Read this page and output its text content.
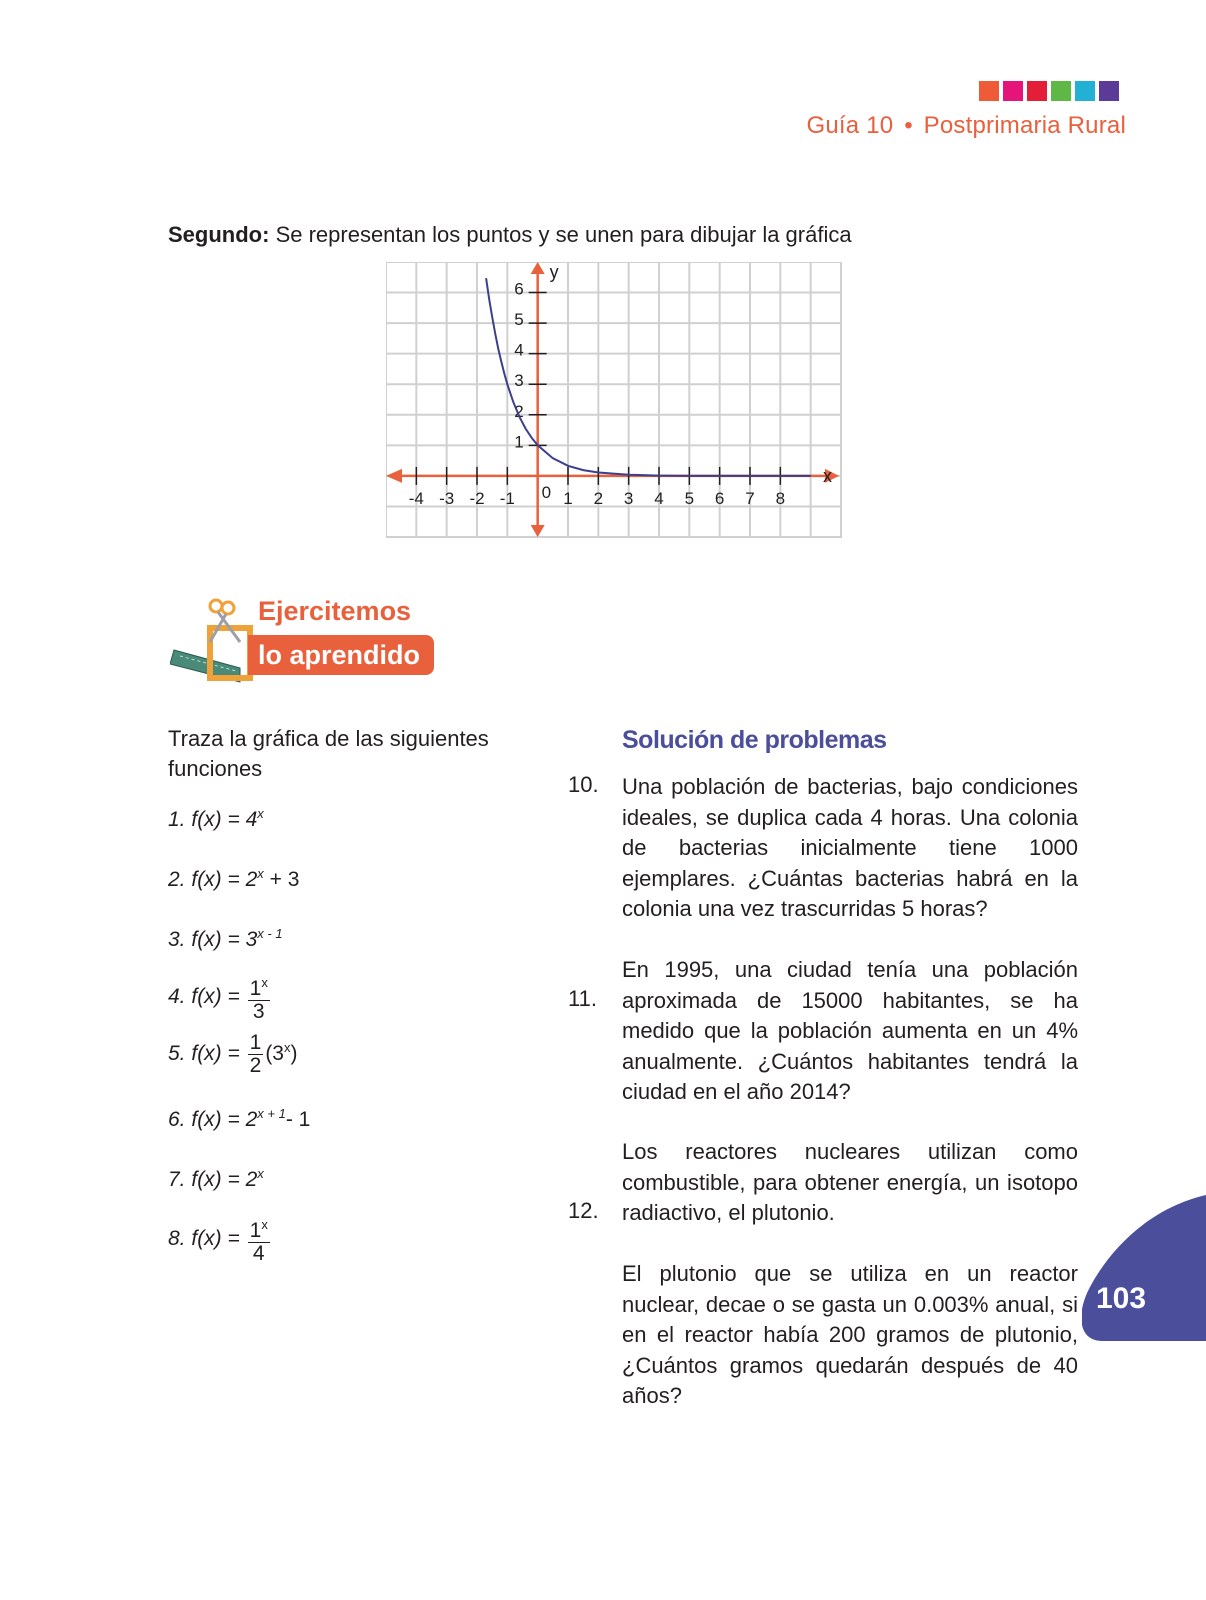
Guía 10 • Postprimaria Rural
Segundo: Se representan los puntos y se unen para dibujar la gráfica
-4 -3 -2 -1	1 2 3 4 5 6 7 8
1
2
3
4
5
6
0
x
y
Ejercitemos
lo aprendido
Traza la gráfica de las siguientes funciones
1. $f(x) = 4^x$
2. $f(x) = 2^x + 3$
3. $f(x) = 3^{x - 1}$
4. $f(x) = \frac{1^x}{3}$
5. $f(x) = \frac{1}{2} (3^x)$
6. $f(x) = 2^{x + 1}-$ 1
7. $f(x) = 2^x$
8. $f(x) = \frac{1^x}{4}$
Solución de problemas
10. Una población de bacterias, bajo condiciones ideales, se duplica cada 4 horas. Una colonia de bacterias inicialmente tiene 1000 ejemplares. ¿Cuántas bacterias habrá en la colonia una vez trascurridas 5 horas?
11.
En 1995, una ciudad tenía una población aproximada de 15000 habitantes, se ha medido que la población aumenta en un 4% anualmente. ¿Cuántos habitantes tendrá la ciudad en el año 2014?
12.
Los reactores nucleares utilizan como combustible, para obtener energía, un isotopo radiactivo, el plutonio.
El plutonio que se utiliza en un reactor nuclear, decae o se gasta un 0.003% anual, si en el reactor había 200 gramos de plutonio, ¿Cuántos gramos quedarán después de 40 años?
103
